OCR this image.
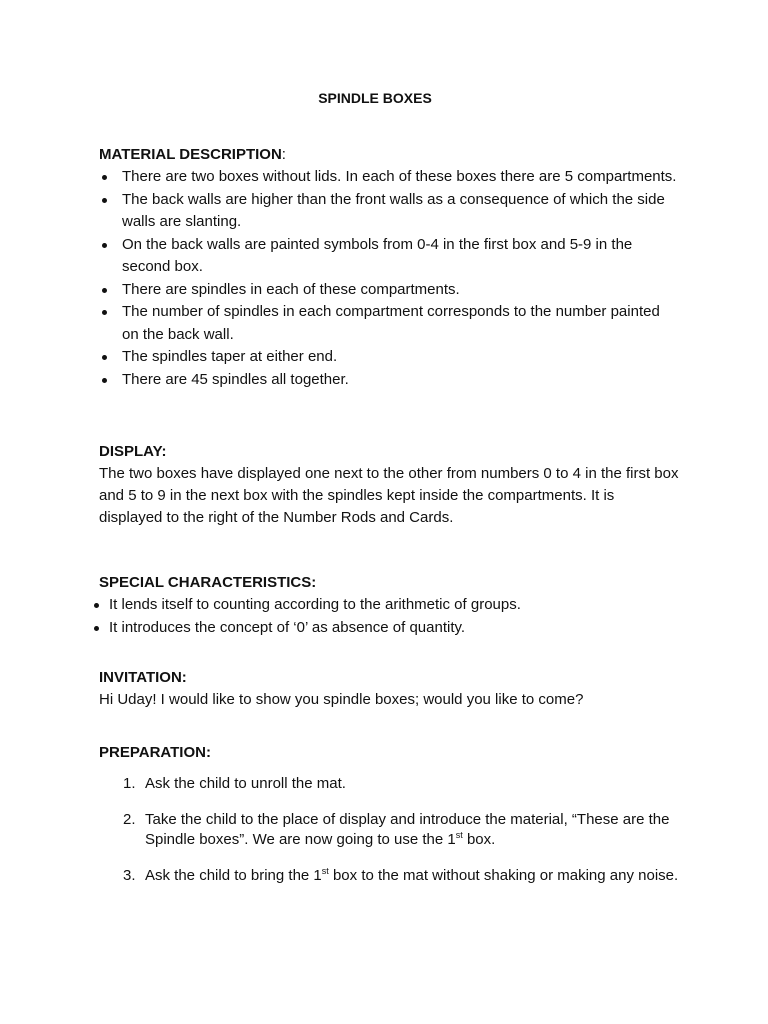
SPINDLE BOXES
MATERIAL DESCRIPTION:
There are two boxes without lids. In each of these boxes there are 5 compartments.
The back walls are higher than the front walls as a consequence of which the side walls are slanting.
On the back walls are painted symbols from 0-4 in the first box and 5-9 in the second box.
There are spindles in each of these compartments.
The number of spindles in each compartment corresponds to the number painted on the back wall.
The spindles taper at either end.
There are 45 spindles all together.
DISPLAY:
The two boxes have displayed one next to the other from numbers 0 to 4 in the first box and 5 to 9 in the next box with the spindles kept inside the compartments. It is displayed to the right of the Number Rods and Cards.
SPECIAL CHARACTERISTICS:
It lends itself to counting according to the arithmetic of groups.
It introduces the concept of ‘0’ as absence of quantity.
INVITATION:
Hi Uday! I would like to show you spindle boxes; would you like to come?
PREPARATION:
1. Ask the child to unroll the mat.
2. Take the child to the place of display and introduce the material, “These are the Spindle boxes”. We are now going to use the 1st box.
3. Ask the child to bring the 1st box to the mat without shaking or making any noise.
